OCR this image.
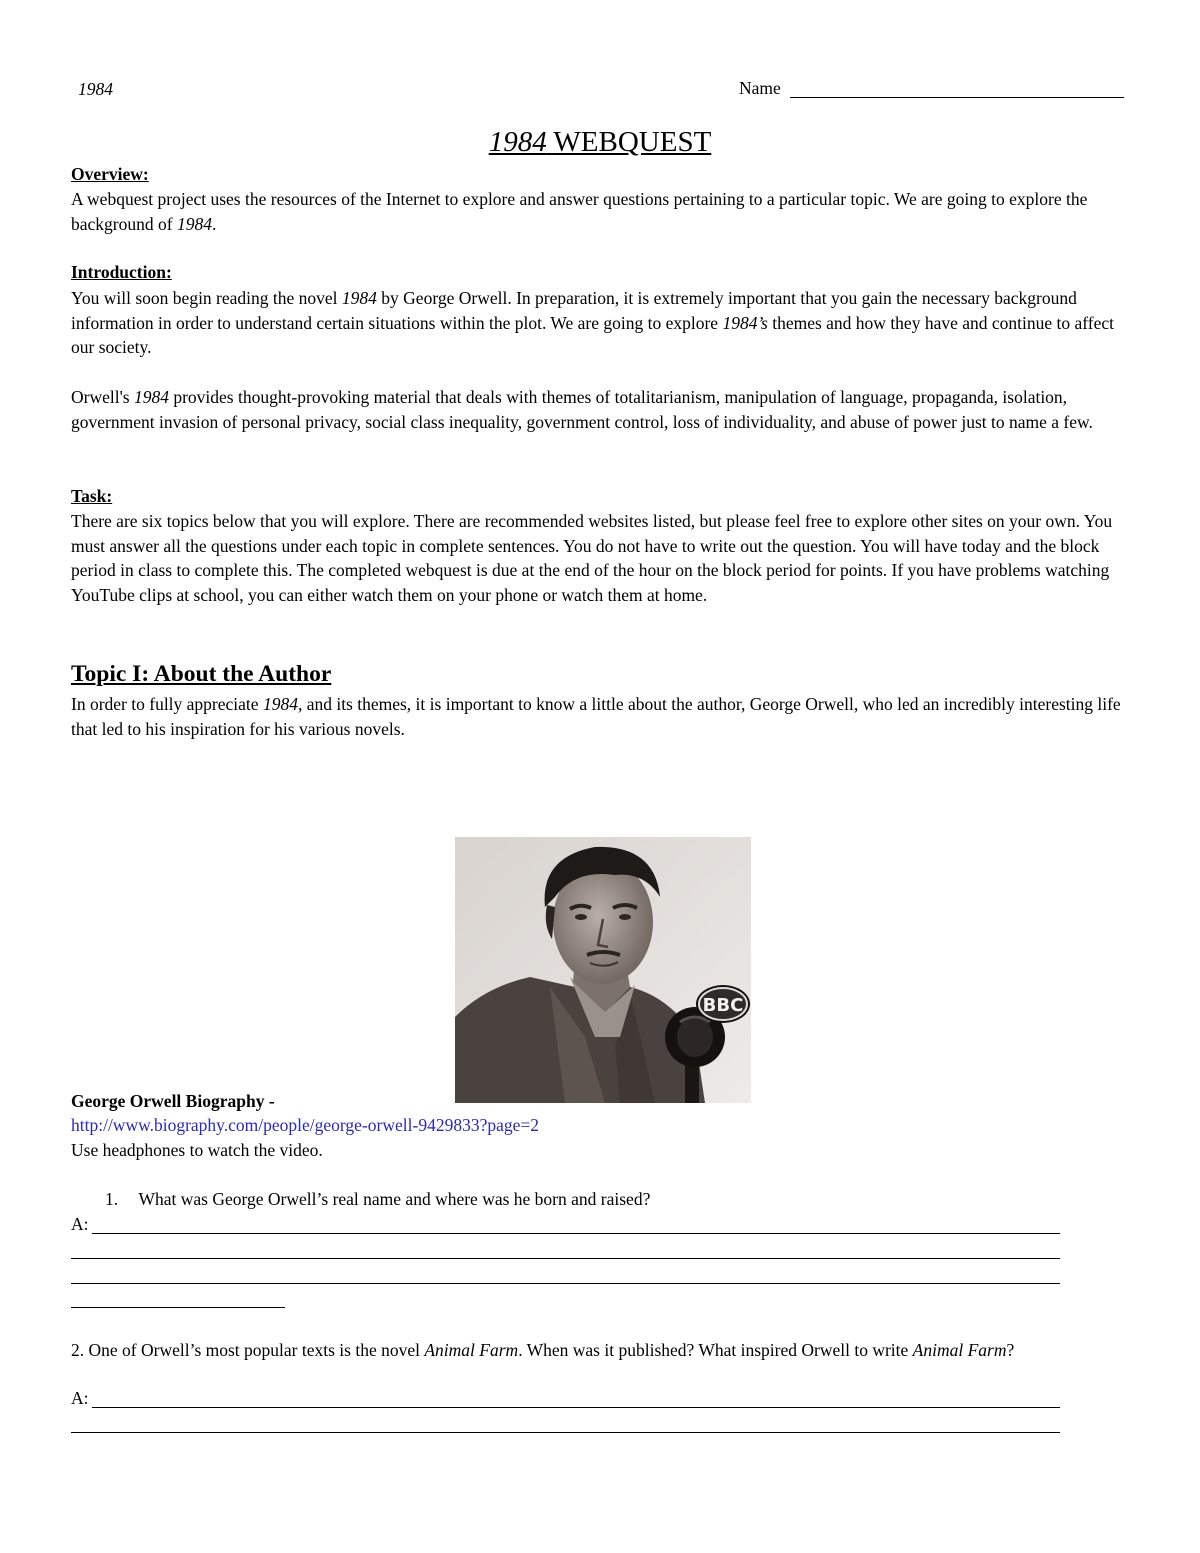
1984	Name
1984 WEBQUEST
Overview:

A webquest project uses the resources of the Internet to explore and answer questions pertaining to a particular topic. We are going to explore the background of 1984.

Introduction:

You will soon begin reading the novel 1984 by George Orwell. In preparation, it is extremely important that you gain the necessary background information in order to understand certain situations within the plot. We are going to explore 1984’s themes and how they have and continue to affect our society.

Orwell's 1984 provides thought-provoking material that deals with themes of totalitarianism, manipulation of language, propaganda, isolation, government invasion of personal privacy, social class inequality, government control, loss of individuality, and abuse of power just to name a few.

Task:

There are six topics below that you will explore. There are recommended websites listed, but please feel free to explore other sites on your own. You must answer all the questions under each topic in complete sentences. You do not have to write out the question. You will have today and the block period in class to complete this. The completed webquest is due at the end of the hour on the block period for points. If you have problems watching YouTube clips at school, you can either watch them on your phone or watch them at home.

Topic I: About the Author

In order to fully appreciate 1984, and its themes, it is important to know a little about the author, George Orwell, who led an incredibly interesting life that led to his inspiration for his various novels.

BBC
George Orwell Biography -
http://www.biography.com/people/george-orwell-9429833?page=2
Use headphones to watch the video.
1. What was George Orwell’s real name and where was he born and raised?
A:

2. One of Orwell’s most popular texts is the novel Animal Farm. When was it published? What inspired Orwell to write Animal Farm?

A:
